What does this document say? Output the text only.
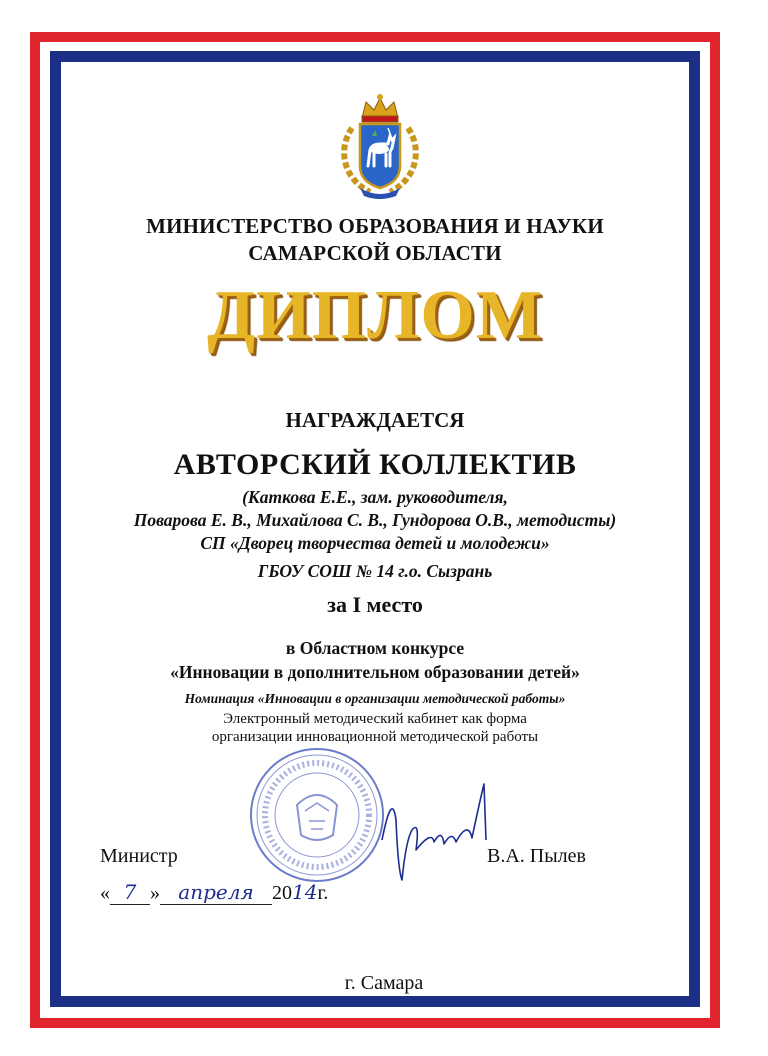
МИНИСТЕРСТВО ОБРАЗОВАНИЯ И НАУКИ
САМАРСКОЙ ОБЛАСТИ
ДИПЛОМ
НАГРАЖДАЕТСЯ
АВТОРСКИЙ КОЛЛЕКТИВ
(Каткова Е.Е., зам. руководителя,
Поварова Е. В., Михайлова С. В., Гундорова О.В., методисты)
СП «Дворец творчества детей и молодежи»
ГБОУ СОШ № 14 г.о. Сызрань
за I место
в Областном конкурсе
«Инновации в дополнительном образовании детей»
Номинация «Инновации в организации методической работы»
Электронный методический кабинет как форма
организации инновационной методической работы
Министр	В.А. Пылев
« 7 » апреля 2014г.
г. Самара
